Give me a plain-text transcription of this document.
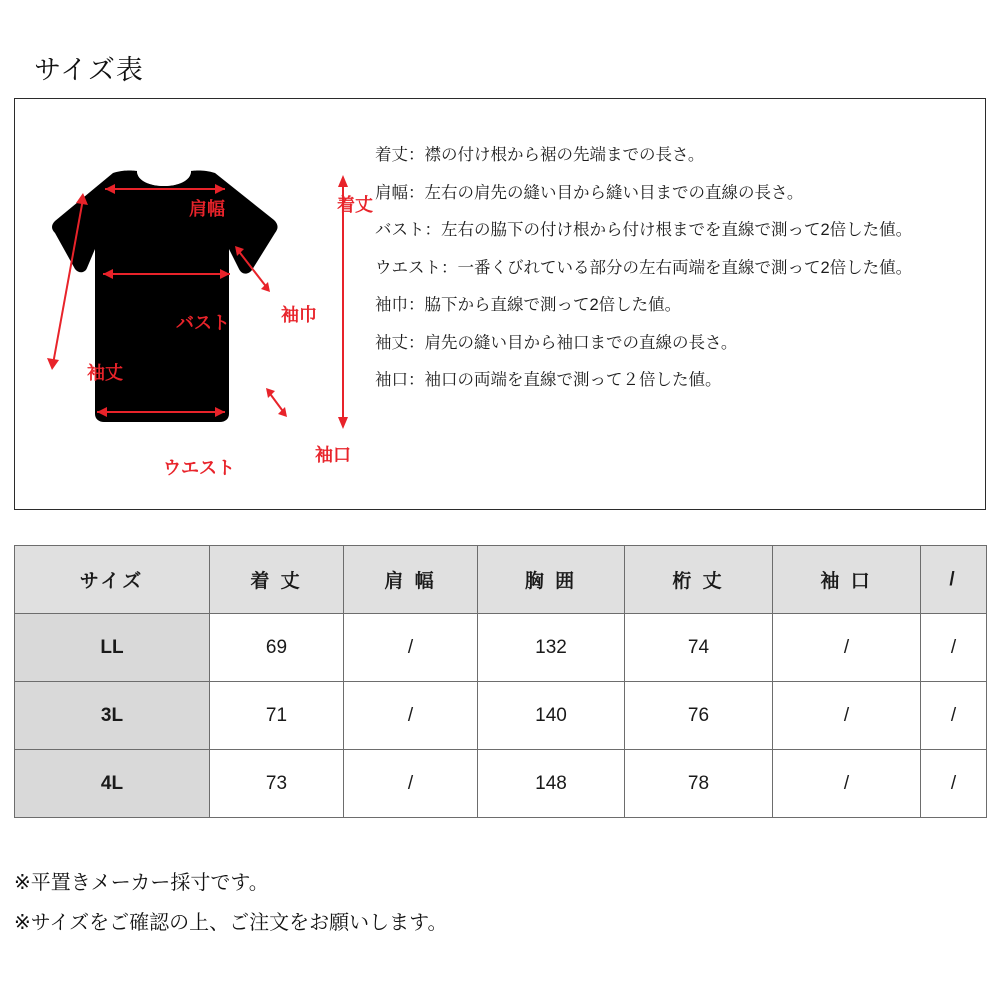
サイズ表
肩幅	着丈
バスト	袖巾
袖丈
ウエスト
袖口
着丈：襟の付け根から裾の先端までの長さ。
肩幅：左右の肩先の縫い目から縫い目までの直線の長さ。
バスト：左右の脇下の付け根から付け根までを直線で測って2倍した値。
ウエスト：一番くびれている部分の左右両端を直線で測って2倍した値。
袖巾：脇下から直線で測って2倍した値。
袖丈：肩先の縫い目から袖口までの直線の長さ。
袖口：袖口の両端を直線で測って２倍した値。
サイズ	着 丈	肩 幅	胸 囲	桁 丈	袖 口	/
LL	69	/	132	74	/	/
3L	71	/	140	76	/	/
4L	73	/	148	78	/	/
※平置きメーカー採寸です。
※サイズをご確認の上、ご注文をお願いします。
